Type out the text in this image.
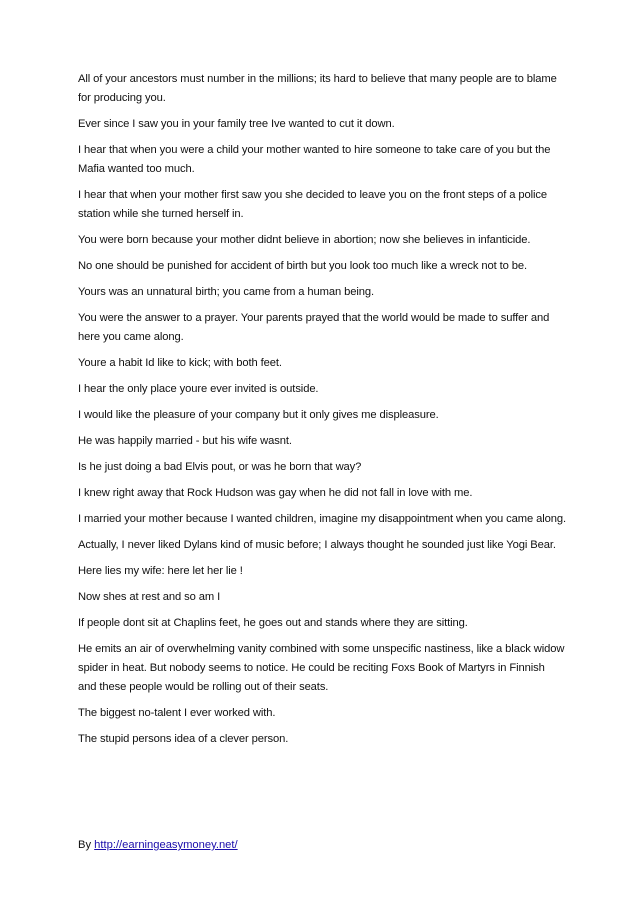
All of your ancestors must number in the millions; its hard to believe that many people are to blame for producing you.

Ever since I saw you in your family tree Ive wanted to cut it down.

I hear that when you were a child your mother wanted to hire someone to take care of you but the Mafia wanted too much.

I hear that when your mother first saw you she decided to leave you on the front steps of a police station while she turned herself in.

You were born because your mother didnt believe in abortion; now she believes in infanticide.

No one should be punished for accident of birth but you look too much like a wreck not to be.

Yours was an unnatural birth; you came from a human being.

You were the answer to a prayer. Your parents prayed that the world would be made to suffer and here you came along.

Youre a habit Id like to kick; with both feet.

I hear the only place youre ever invited is outside.

I would like the pleasure of your company but it only gives me displeasure.

He was happily married - but his wife wasnt.

Is he just doing a bad Elvis pout, or was he born that way?

I knew right away that Rock Hudson was gay when he did not fall in love with me.

I married your mother because I wanted children, imagine my disappointment when you came along.

Actually, I never liked Dylans kind of music before; I always thought he sounded just like Yogi Bear.

Here lies my wife: here let her lie !

Now shes at rest and so am I

If people dont sit at Chaplins feet, he goes out and stands where they are sitting.

He emits an air of overwhelming vanity combined with some unspecific nastiness, like a black widow spider in heat. But nobody seems to notice. He could be reciting Foxs Book of Martyrs in Finnish and these people would be rolling out of their seats.

The biggest no-talent I ever worked with.

The stupid persons idea of a clever person.

By http://earningeasymoney.net/
